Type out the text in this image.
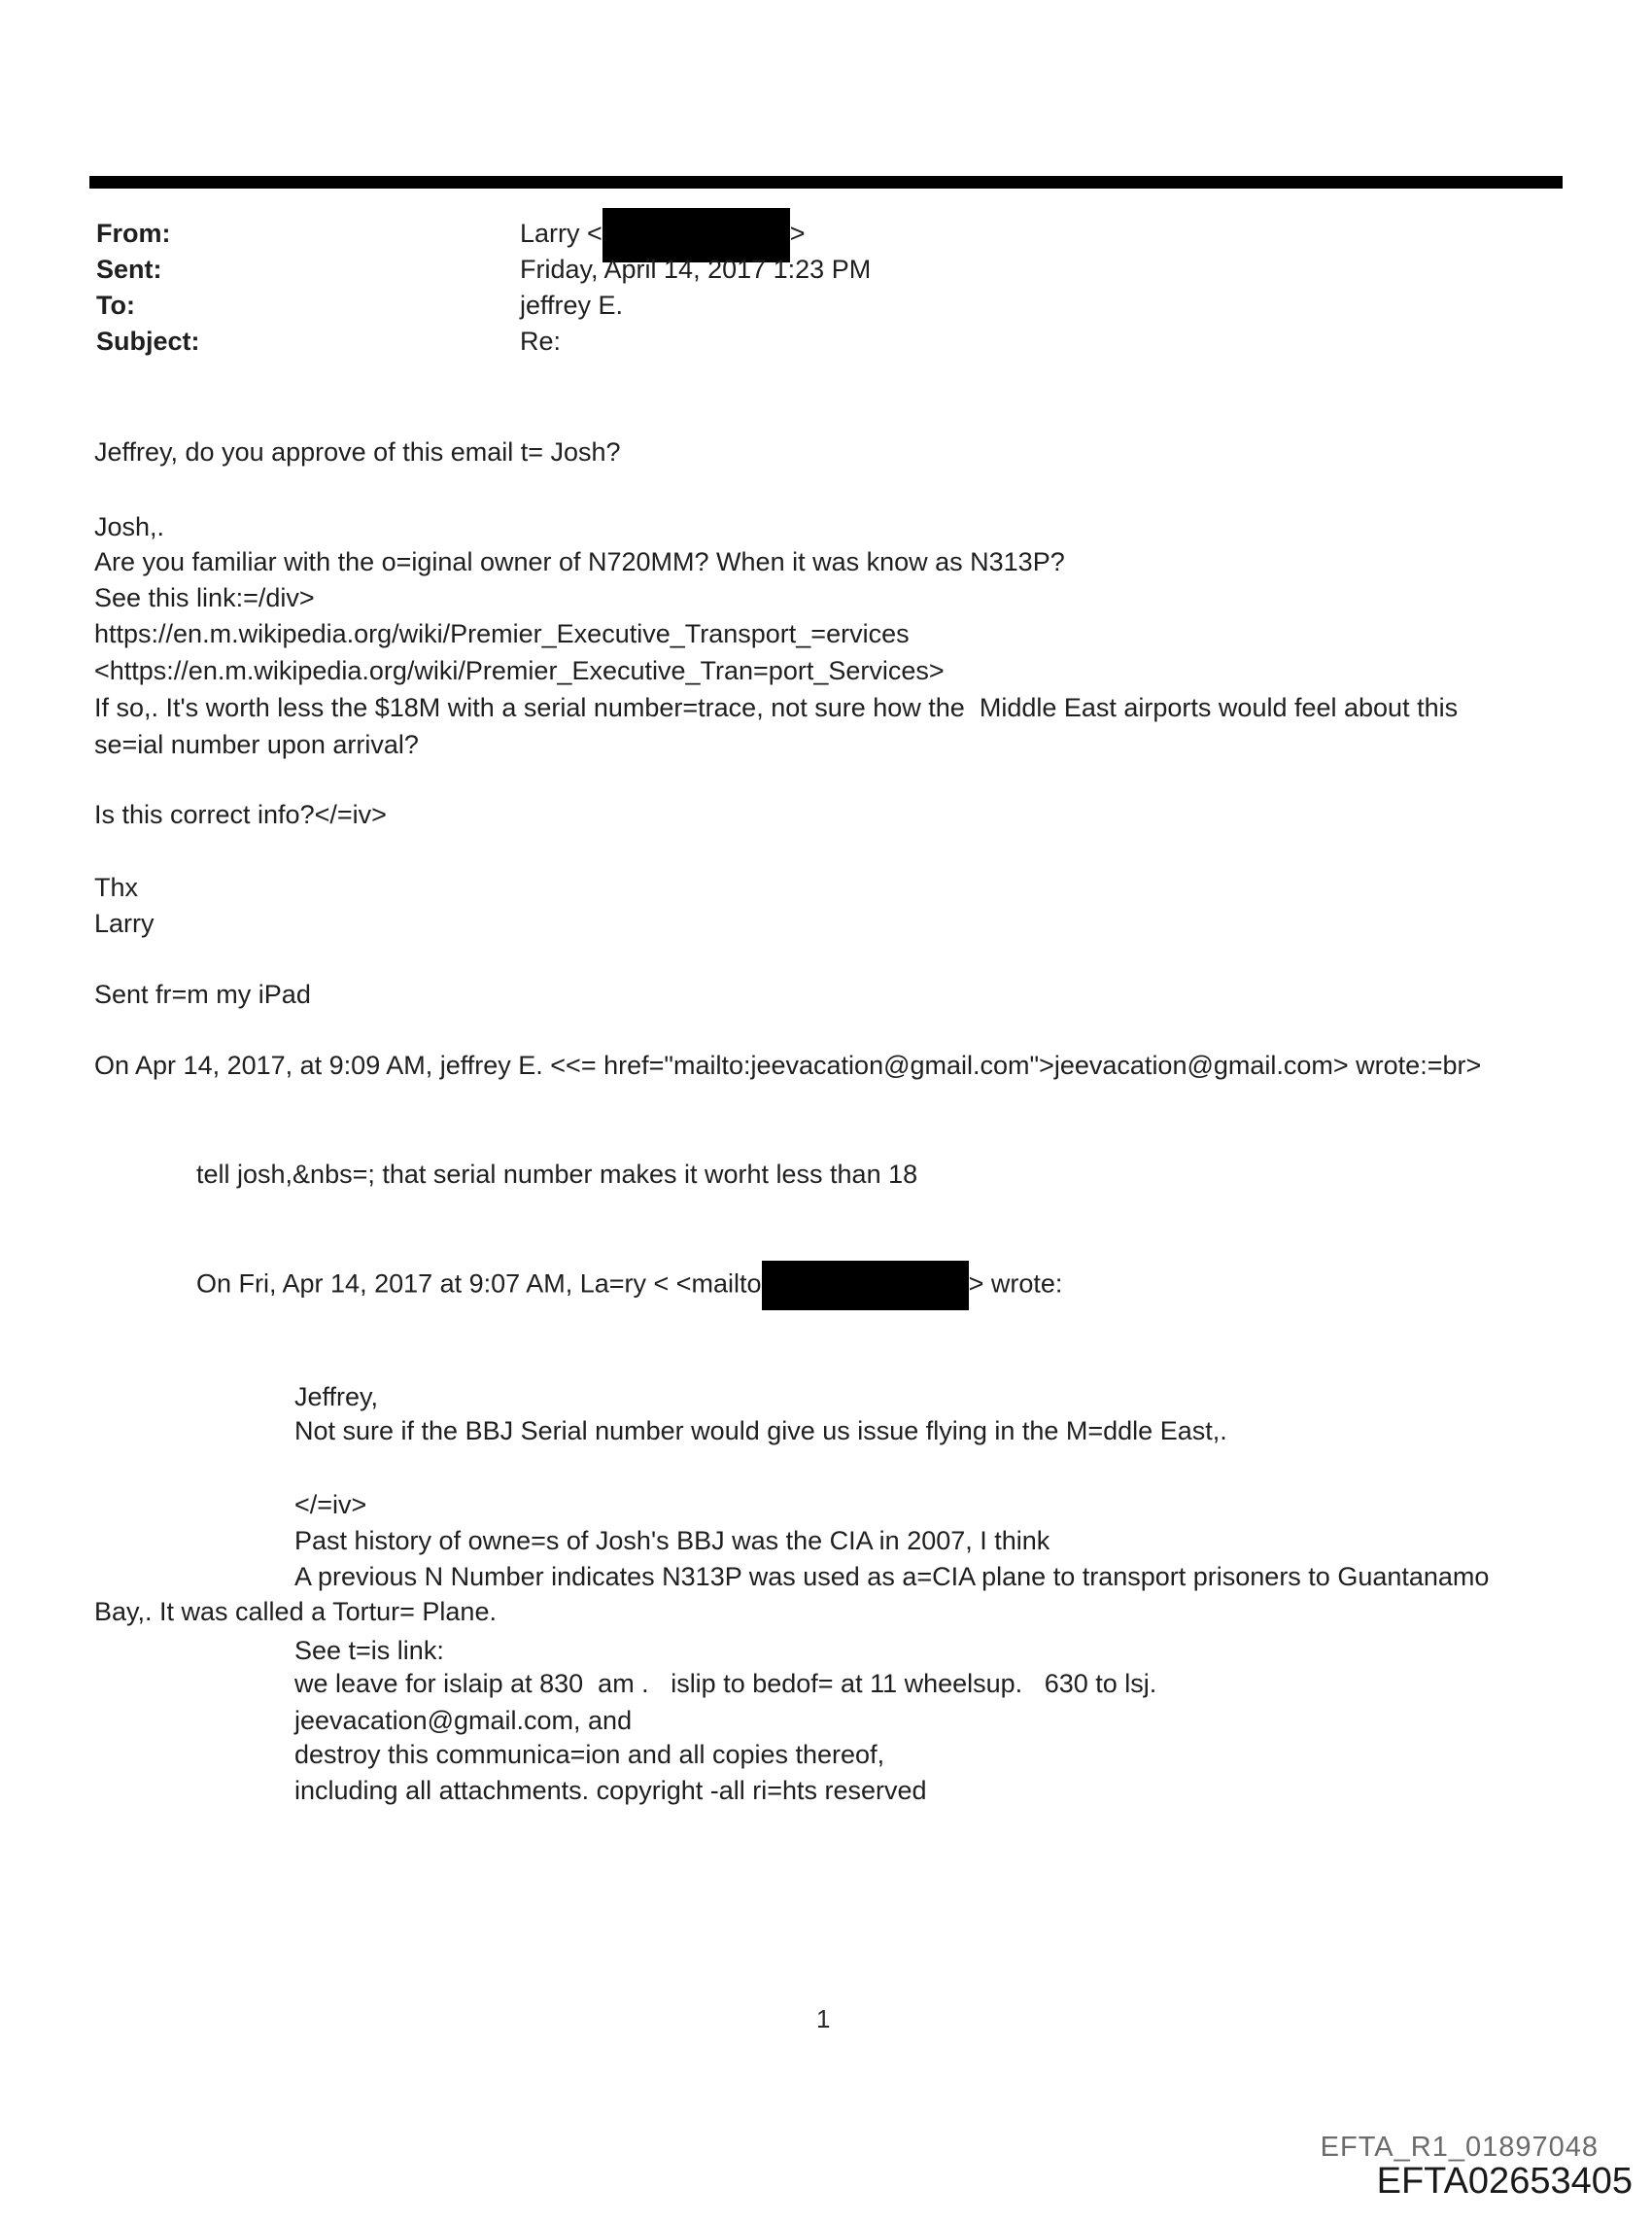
From:	Larry <	>
Sent:	Friday, April 14, 2017 1:23 PM
To:	jeffrey E.
Subject:	Re:
Jeffrey, do you approve of this email t= Josh?
Josh,.
Are you familiar with the o=iginal owner of N720MM? When it was know as N313P?
See this link:=/div>
https://en.m.wikipedia.org/wiki/Premier_Executive_Transport_=ervices
<https://en.m.wikipedia.org/wiki/Premier_Executive_Tran=port_Services>
If so,. It's worth less the $18M with a serial number=trace, not sure how the  Middle East airports would feel about this
se=ial number upon arrival?
Is this correct info?</=iv>
Thx
Larry
Sent fr=m my iPad
On Apr 14, 2017, at 9:09 AM, jeffrey E. <<= href="mailto:jeevacation@gmail.com">jeevacation@gmail.com> wrote:=br>
tell josh,&nbs=; that serial number makes it worht less than 18
On Fri, Apr 14, 2017 at 9:07 AM, La=ry < <mailto	> wrote:
Jeffrey,
Not sure if the BBJ Serial number would give us issue flying in the M=ddle East,.
</=iv>
Past history of owne=s of Josh's BBJ was the CIA in 2007, I think
A previous N Number indicates N313P was used as a=CIA plane to transport prisoners to Guantanamo
Bay,. It was called a Tortur= Plane.
See t=is link:
we leave for islaip at 830  am .   islip to bedof= at 11 wheelsup.   630 to lsj.
jeevacation@gmail.com, and
destroy this communica=ion and all copies thereof,
including all attachments. copyright -all ri=hts reserved
1
EFTA_R1_01897048
EFTA02653405
